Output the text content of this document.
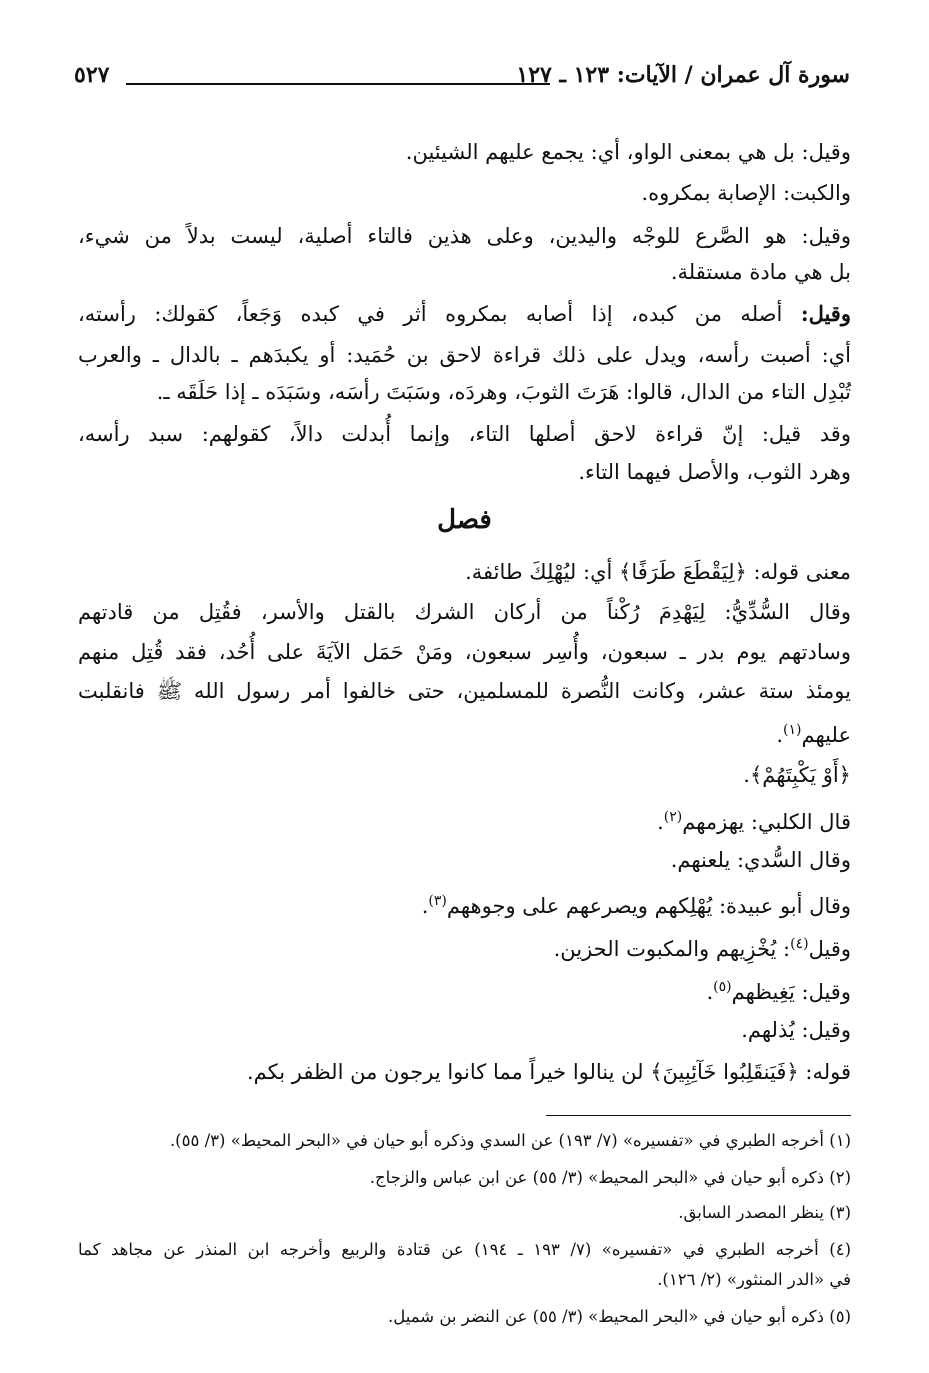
سورة آل عمران / الآيات: ١٢٣ ـ ١٢٧
٥٢٧
وقيل: بل هي بمعنى الواو، أي: يجمع عليهم الشيئين.
والكبت: الإصابة بمكروه.
وقيل: هو الصَّرع للوجْه واليدين، وعلى هذين فالتاء أصلية، ليست بدلاً من شيء،
بل هي مادة مستقلة.
وقيل: أصله من كبده، إذا أصابه بمكروه أثر في كبده وَجَعاً، كقولك: رأسته،
أي: أصبت رأسه، ويدل على ذلك قراءة لاحق بن حُمَيد: أو يكبدَهم ـ بالدال ـ والعرب
تُبْدِل التاء من الدال، قالوا: هَرَتَ الثوبَ، وهردَه، وسَبَتَ رأسَه، وسَبَدَه ـ إذا حَلَقَه ـ.
وقد قيل: إنّ قراءة لاحق أصلها التاء، وإنما أُبدلت دالاً، كقولهم: سبد رأسه،
وهرد الثوب، والأصل فيهما التاء.
فصل
معنى قوله: ﴿لِيَقْطَعَ طَرَفًا﴾ أي: ليُهْلِكَ طائفة.
وقال السُّدِّيُّ: لِيَهْدِمَ رُكْناً من أركان الشرك بالقتل والأسر، فقُتِل من قادتهم
وسادتهم يوم بدر ـ سبعون، وأُسِر سبعون، ومَنْ حَمَل الآيَةَ على أُحُد، فقد قُتِل منهم
يومئذ ستة عشر، وكانت النُّصرة للمسلمين، حتى خالفوا أمر رسول الله ﷺ فانقلبت
عليهم$^{(١)}$.
﴿أَوْ يَكْبِتَهُمْ﴾.
قال الكلبي: يهزمهم$^{(٢)}$.
وقال السُّدي: يلعنهم.
وقال أبو عبيدة: يُهْلِكهم ويصرعهم على وجوههم$^{(٣)}$.
وقيل$^{(٤)}$: يُخْزِيهم والمكبوت الحزين.
وقيل: يَغِيظهم$^{(٥)}$.
وقيل: يُذلهم.
قوله: ﴿فَيَنقَلِبُوا خَآئِبِينَ﴾ لن ينالوا خيراً مما كانوا يرجون من الظفر بكم.
(١) أخرجه الطبري في «تفسيره» (٧/ ١٩٣) عن السدي وذكره أبو حيان في «البحر المحيط» (٣/ ٥٥).
(٢) ذكره أبو حيان في «البحر المحيط» (٣/ ٥٥) عن ابن عباس والزجاج.
(٣) ينظر المصدر السابق.
(٤) أخرجه الطبري في «تفسيره» (٧/ ١٩٣ ـ ١٩٤) عن قتادة والربيع وأخرجه ابن المنذر عن مجاهد كما
في «الدر المنثور» (٢/ ١٢٦).
(٥) ذكره أبو حيان في «البحر المحيط» (٣/ ٥٥) عن النضر بن شميل.
